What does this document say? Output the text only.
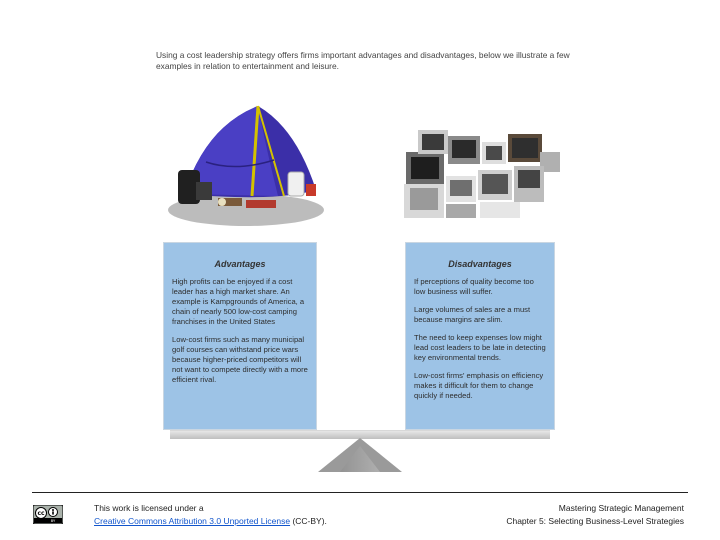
Using a cost leadership strategy offers firms important advantages and disadvantages, below we illustrate a few examples in relation to entertainment and leisure.
Advantages

High profits can be enjoyed if a cost leader has a high market share. An example is Kampgrounds of America, a chain of nearly 500 low-cost camping franchises in the United States

Low-cost firms such as many municipal golf courses can withstand price wars because higher-priced competitors will not want to compete directly with a more efficient rival.

Disadvantages

If perceptions of quality become too low business will suffer.

Large volumes of sales are a must because margins are slim.

The need to keep expenses low might lead cost leaders to be late in detecting key environmental trends.

Low-cost firms' emphasis on efficiency makes it difficult for them to change quickly if needed.

cc
BY
This work is licensed under a
Creative Commons Attribution 3.0 Unported License (CC-BY).
Mastering Strategic Management
Chapter 5: Selecting Business-Level Strategies
